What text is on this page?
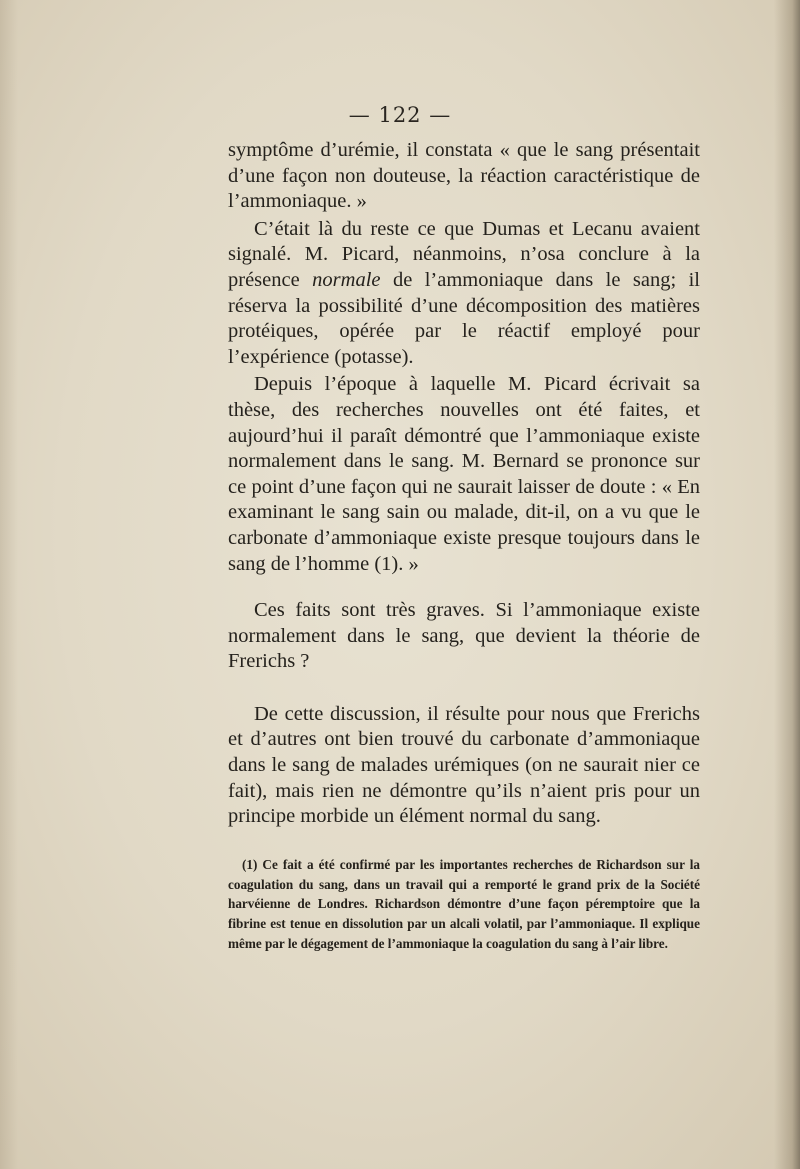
— 122 —

symptôme d’urémie, il constata « que le sang présentait d’une façon non douteuse, la réaction caractéristique de l’ammoniaque. »

C’était là du reste ce que Dumas et Lecanu avaient signalé. M. Picard, néanmoins, n’osa conclure à la présence normale de l’ammoniaque dans le sang; il réserva la possibilité d’une décomposition des matières protéiques, opérée par le réactif employé pour l’expérience (potasse).

Depuis l’époque à laquelle M. Picard écrivait sa thèse, des recherches nouvelles ont été faites, et aujourd’hui il paraît démontré que l’ammoniaque existe normalement dans le sang. M. Bernard se prononce sur ce point d’une façon qui ne saurait laisser de doute : « En examinant le sang sain ou malade, dit-il, on a vu que le carbonate d’ammoniaque existe presque toujours dans le sang de l’homme (1). »

Ces faits sont très graves. Si l’ammoniaque existe normalement dans le sang, que devient la théorie de Frerichs ?

De cette discussion, il résulte pour nous que Frerichs et d’autres ont bien trouvé du carbonate d’ammoniaque dans le sang de malades urémiques (on ne saurait nier ce fait), mais rien ne démontre qu’ils n’aient pris pour un principe morbide un élément normal du sang.

(1) Ce fait a été confirmé par les importantes recherches de Richardson sur la coagulation du sang, dans un travail qui a remporté le grand prix de la Société harvéienne de Londres. Richardson démontre d’une façon péremptoire que la fibrine est tenue en dissolution par un alcali volatil, par l’ammoniaque. Il explique même par le dégagement de l’ammoniaque la coagulation du sang à l’air libre.
